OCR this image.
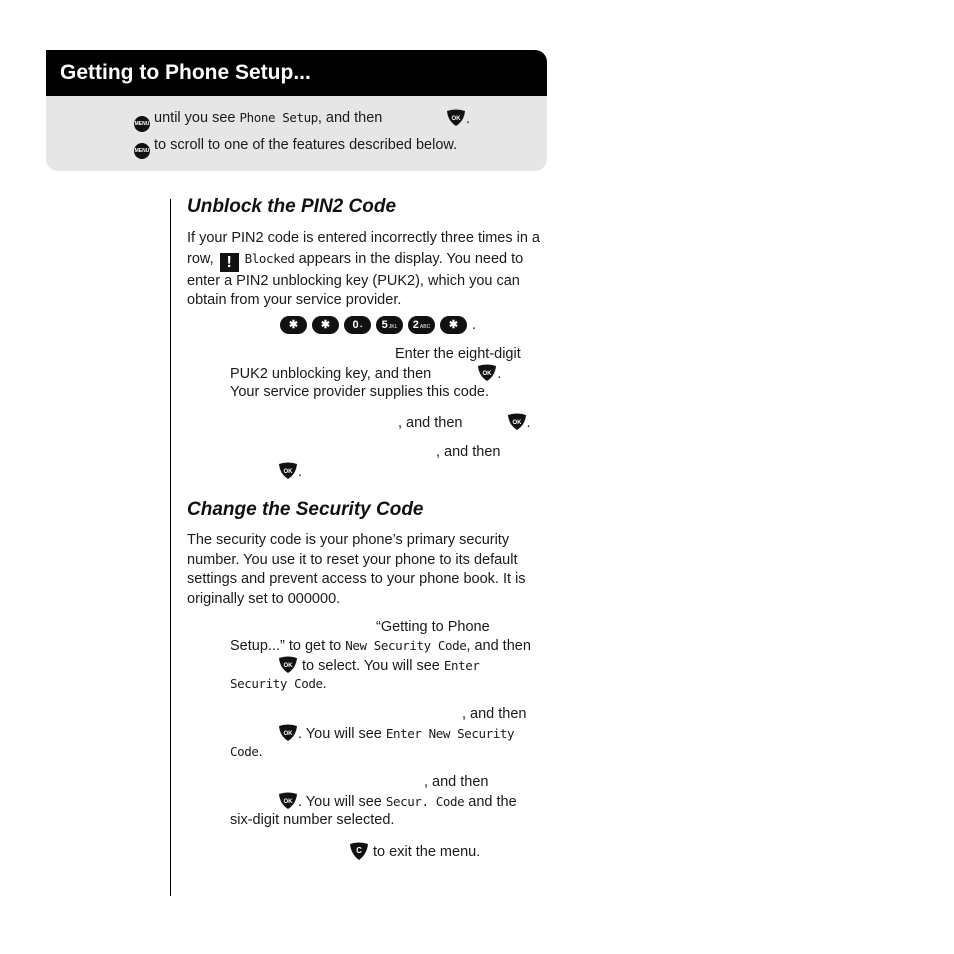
Getting to Phone Setup...
MENU until you see Phone Setup, and then	OK .
MENU to scroll to one of the features described below.
Unblock the PIN2 Code
If your PIN2 code is entered incorrectly three times in a row, ! Blocked appears in the display. You need to enter a PIN2 unblocking key (PUK2), which you can obtain from your service provider.
✱ ✱ 0+ 5JKL 2ABC ✱ .
Enter the eight-digit
PUK2 unblocking key, and then	OK .
Your service provider supplies this code.
, and then	OK .
, and then
OK .
Change the Security Code
The security code is your phone’s primary security number. You use it to reset your phone to its default settings and prevent access to your phone book. It is originally set to 000000.
“Getting to Phone
Setup...” to get to New Security Code, and then
OK to select. You will see Enter
Security Code.
, and then
OK . You will see Enter New Security
Code.
, and then
OK . You will see Secur. Code and the
six-digit number selected.
C to exit the menu.
